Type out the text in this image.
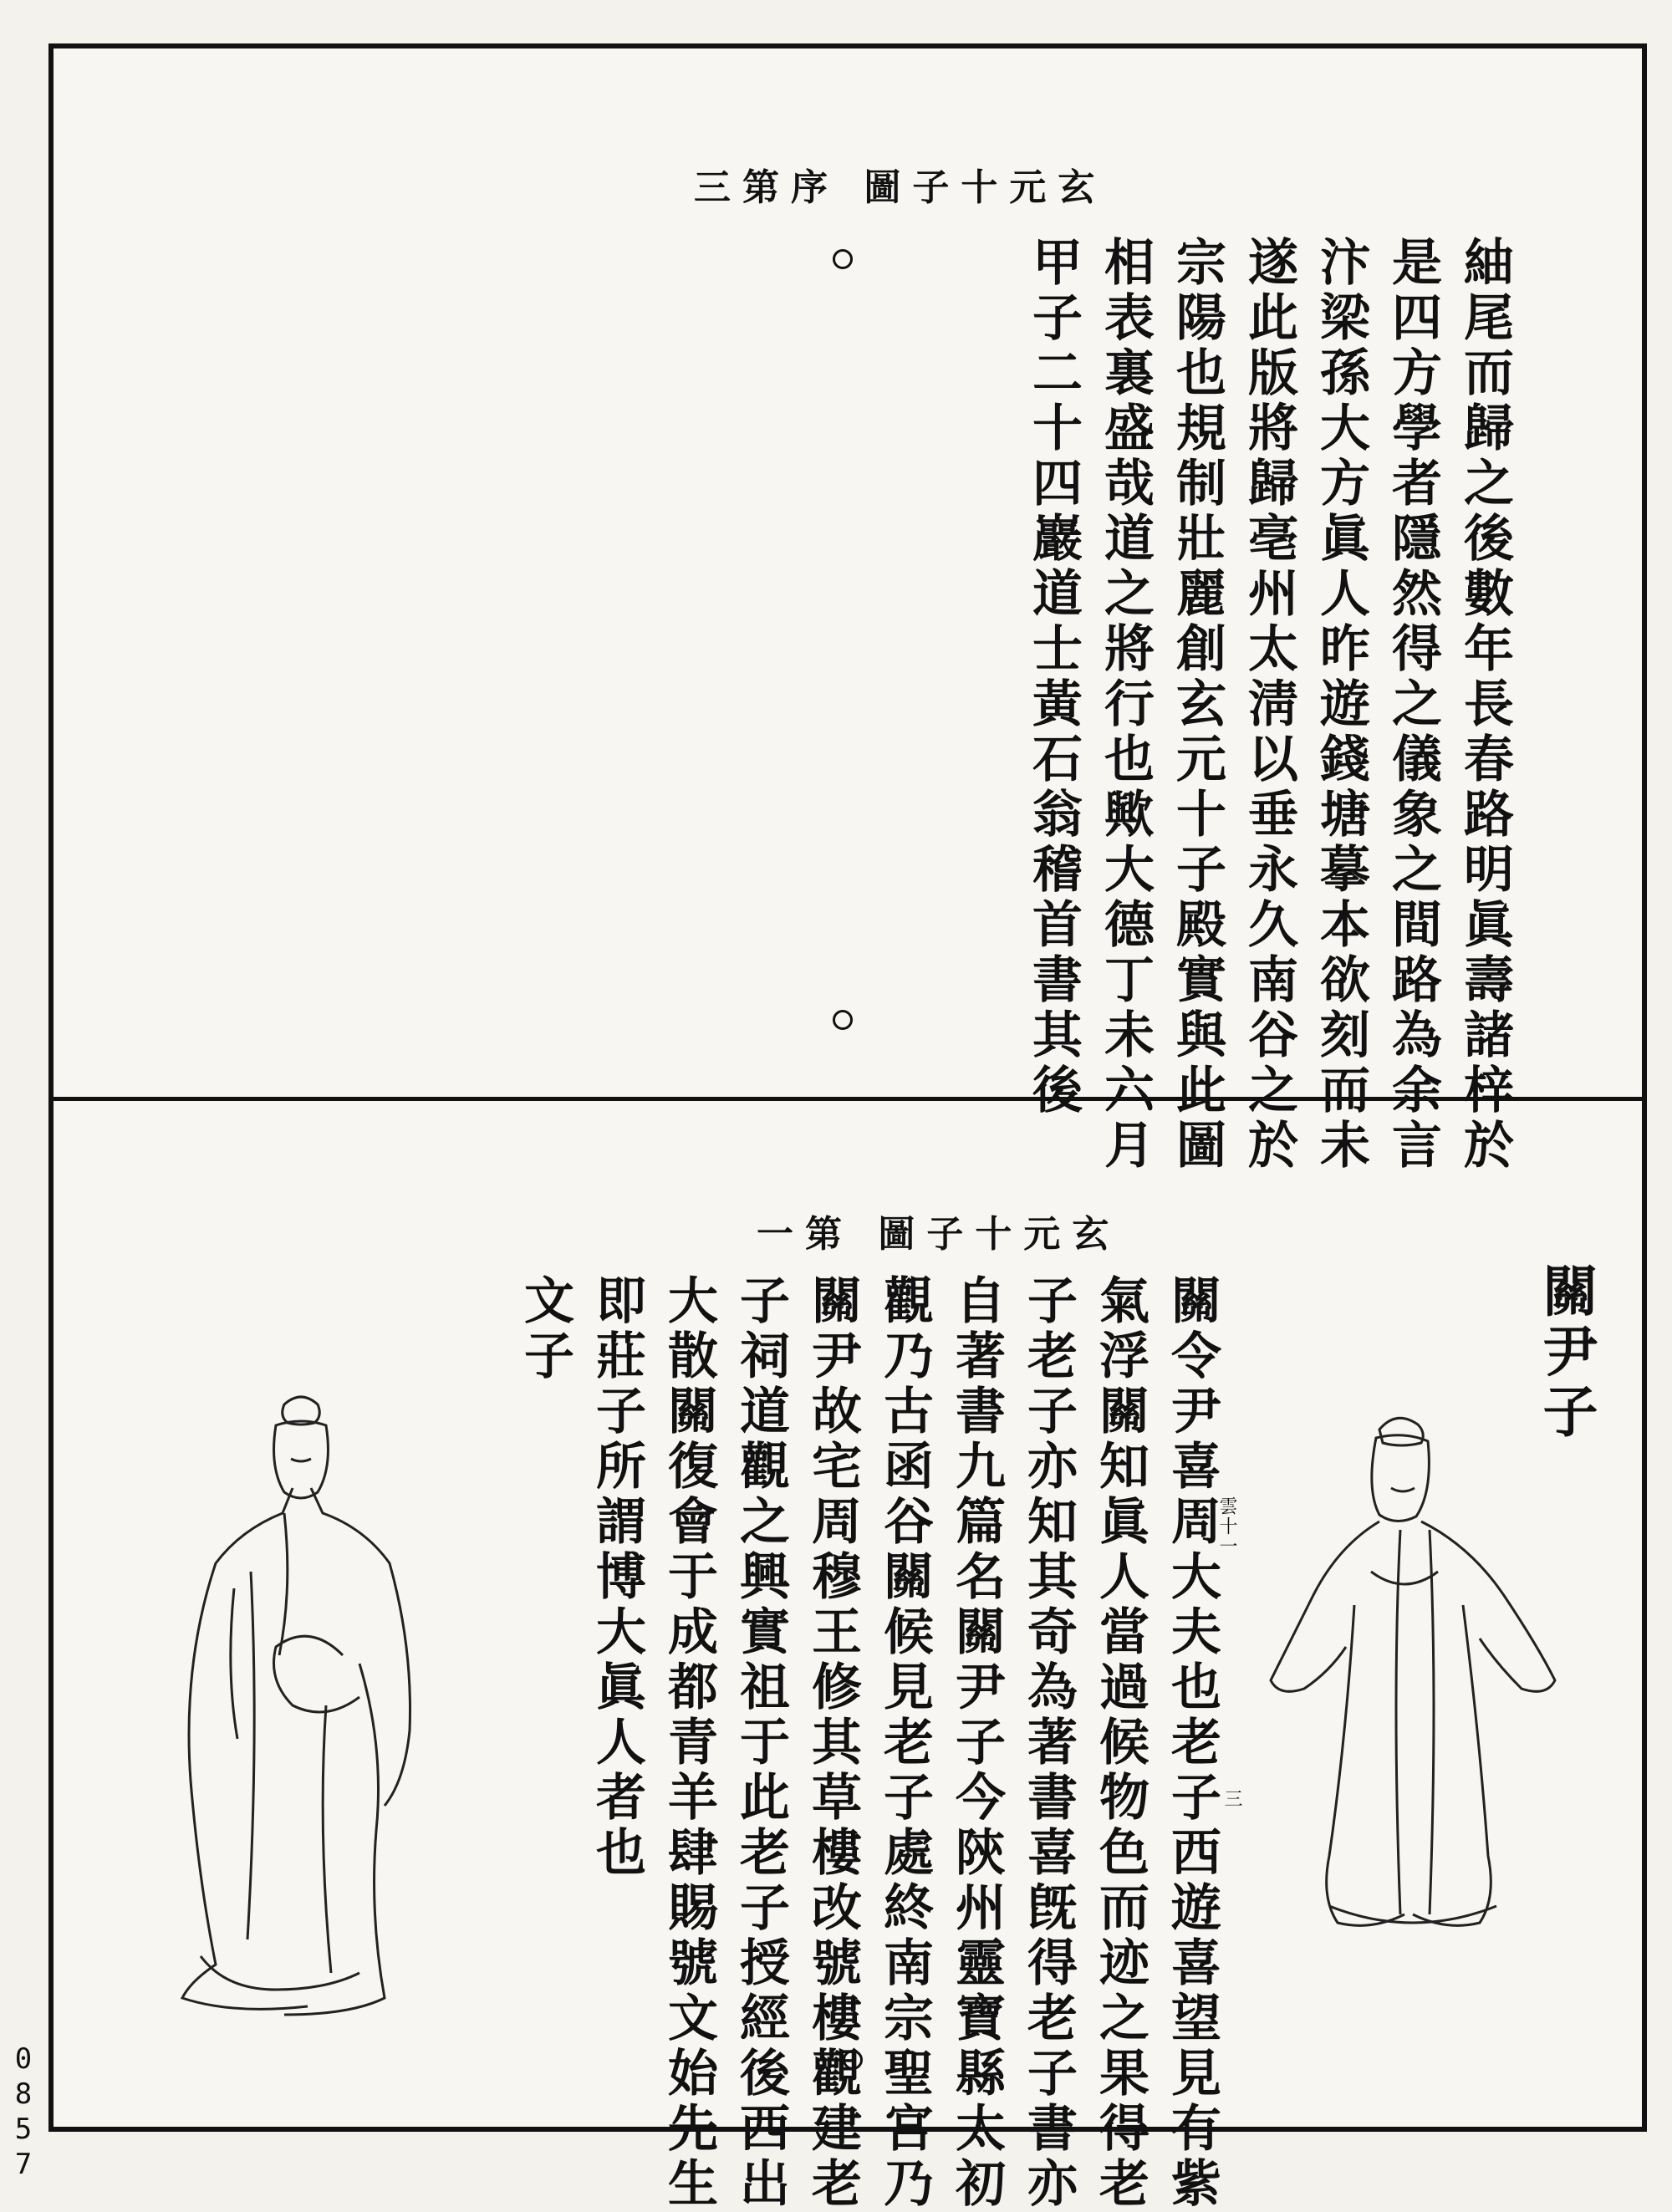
玄元十子圖 序第三
紬尾而歸之後數年長春路明眞壽諸梓於
是四方學者隱然得之儀象之間路為余言
汴梁孫大方眞人昨遊錢塘摹本欲刻而未
遂此版將歸亳州太淸以垂永久南谷之於
宗陽也規制壯麗創玄元十子殿實與此圖
相表裏盛哉道之將行也歟大德丁未六月
甲子二十四巖道士黃石翁稽首書其後
玄元十子圖 第一
關尹子
關令尹喜周大夫也老子西遊喜望見有紫
氣浮關知眞人當過候物色而迹之果得老
子老子亦知其奇為著書喜旣得老子書亦
自著書九篇名關尹子今陝州靈寶縣太初
觀乃古函谷關候見老子處終南宗聖宮乃
關尹故宅周穆王修其草樓改號樓觀建老
子祠道觀之興實祖于此老子授經後西出
大散關復會于成都青羊肆賜號文始先生
即莊子所謂博大眞人者也
文子
雲十一
三
0
8
5
7
